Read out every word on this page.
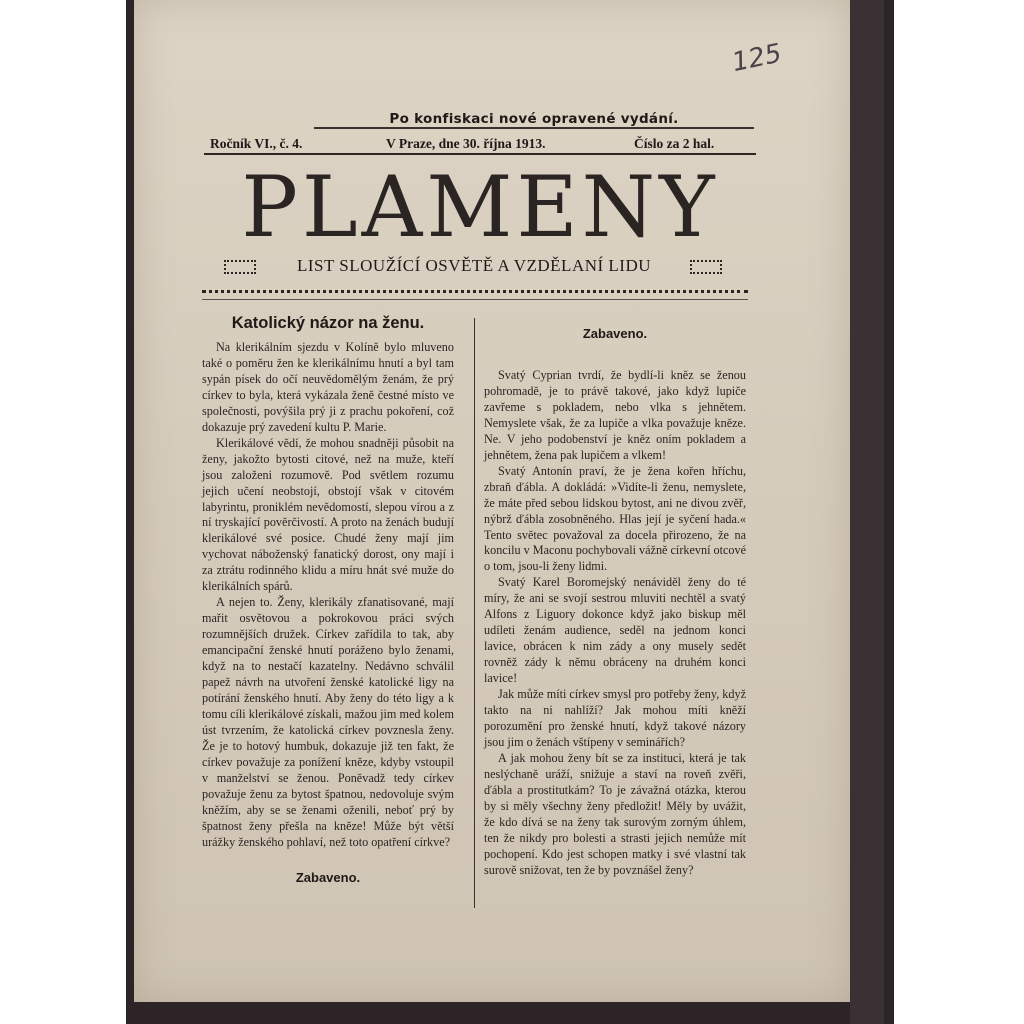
125
Po konfiskaci nové opravené vydání.
Ročník VI., č. 4.	V Praze, dne 30. října 1913.	Číslo za 2 hal.
PLAMENY
LIST SLOUŽÍCÍ OSVĚTĚ A VZDĚLANÍ LIDU
Katolický názor na ženu.

Na klerikálním sjezdu v Kolíně bylo mluveno také o poměru žen ke klerikálnímu hnutí a byl tam sypán písek do očí neuvědomělým ženám, že prý církev to byla, která vykázala ženě čestné místo ve společnosti, povýšila prý ji z prachu pokoření, což dokazuje prý zavedení kultu P. Marie.

Klerikálové vědí, že mohou snadněji působit na ženy, jakožto bytosti citové, než na muže, kteří jsou založeni rozumově. Pod světlem rozumu jejich učení neobstojí, obstojí však v citovém labyrintu, proniklém nevědomostí, slepou vírou a z ní tryskající pověrčivostí. A proto na ženách budují klerikálové své posice. Chudé ženy mají jim vychovat náboženský fanatický dorost, ony mají i za ztrátu rodinného klidu a míru hnát své muže do klerikálních spárů.

A nejen to. Ženy, klerikály zfanatisované, mají mařit osvětovou a pokrokovou práci svých rozumnějších družek. Církev zařídila to tak, aby emancipační ženské hnutí poráženo bylo ženami, když na to nestačí kazatelny. Nedávno schválil papež návrh na utvoření ženské katolické ligy na potírání ženského hnutí. Aby ženy do této ligy a k tomu cíli klerikálové získali, mažou jim med kolem úst tvrzením, že katolická církev povznesla ženy. Že je to hotový humbuk, dokazuje již ten fakt, že církev považuje za ponížení kněze, kdyby vstoupil v manželství se ženou. Poněvadž tedy církev považuje ženu za bytost špatnou, nedovoluje svým kněžím, aby se se ženami oženili, neboť prý by špatnost ženy přešla na kněze! Může být větší urážky ženského pohlaví, než toto opatření církve?

Zabaveno.
Zabaveno.

Svatý Cyprian tvrdí, že bydlí-li kněz se ženou pohromadě, je to právě takové, jako když lupiče zavřeme s pokladem, nebo vlka s jehnětem. Nemyslete však, že za lupiče a vlka považuje kněze. Ne. V jeho podobenství je kněz oním pokladem a jehnětem, žena pak lupičem a vlkem!

Svatý Antonín praví, že je žena kořen hříchu, zbraň ďábla. A dokládá: »Vidíte-li ženu, nemyslete, že máte před sebou lidskou bytost, ani ne divou zvěř, nýbrž ďábla zosobněného. Hlas její je syčení hada.« Tento světec považoval za docela přirozeno, že na koncilu v Maconu pochybovali vážně církevní otcové o tom, jsou-li ženy lidmi.

Svatý Karel Boromejský nenáviděl ženy do té míry, že ani se svojí sestrou mluviti nechtěl a svatý Alfons z Liguory dokonce když jako biskup měl udíleti ženám audience, seděl na jednom konci lavice, obrácen k nim zády a ony musely sedět rovněž zády k němu obráceny na druhém konci lavice!

Jak může míti církev smysl pro potřeby ženy, když takto na ni nahlíží? Jak mohou míti kněží porozumění pro ženské hnutí, když takové názory jsou jim o ženách vštípeny v seminářích?

A jak mohou ženy bít se za instituci, která je tak neslýchaně uráží, snižuje a staví na roveň zvěři, ďábla a prostitutkám? To je závažná otázka, kterou by si měly všechny ženy předložit! Měly by uvážit, že kdo dívá se na ženy tak surovým zorným úhlem, ten že nikdy pro bolesti a strasti jejich nemůže mít pochopení. Kdo jest schopen matky i své vlastní tak surově snižovat, ten že by povznášel ženy?
